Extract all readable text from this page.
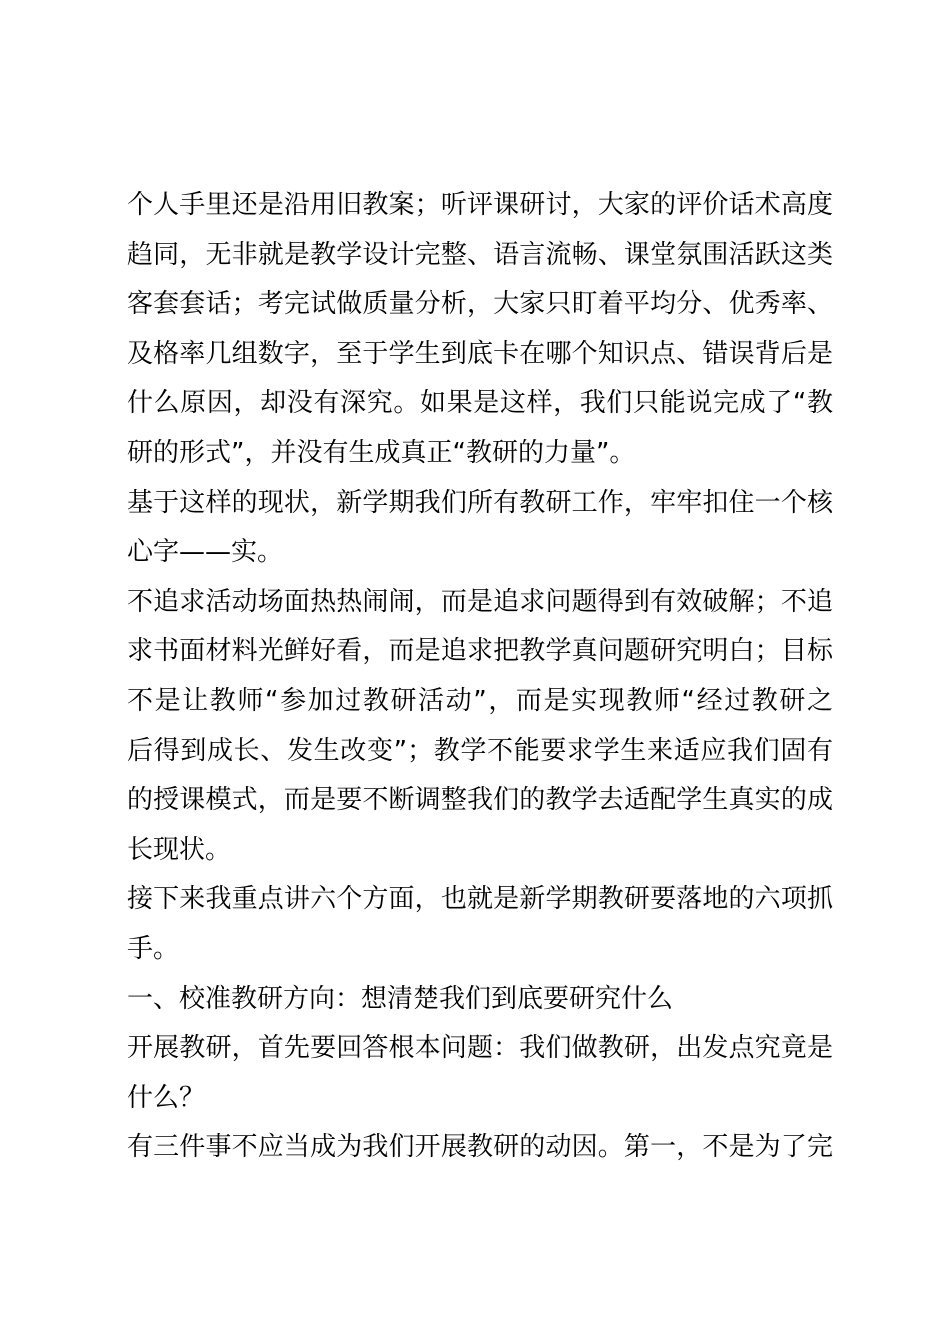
个人手里还是沿用旧教案；听评课研讨，大家的评价话术高度
趋同，无非就是教学设计完整、语言流畅、课堂氛围活跃这类
客套套话；考完试做质量分析，大家只盯着平均分、优秀率、
及格率几组数字，至于学生到底卡在哪个知识点、错误背后是
什么原因，却没有深究。如果是这样，我们只能说完成了“教
研的形式”，并没有生成真正“教研的力量”。
基于这样的现状，新学期我们所有教研工作，牢牢扣住一个核
心字——实。
不追求活动场面热热闹闹，而是追求问题得到有效破解；不追
求书面材料光鲜好看，而是追求把教学真问题研究明白；目标
不是让教师“参加过教研活动”，而是实现教师“经过教研之
后得到成长、发生改变”；教学不能要求学生来适应我们固有
的授课模式，而是要不断调整我们的教学去适配学生真实的成
长现状。
接下来我重点讲六个方面，也就是新学期教研要落地的六项抓
手。
一、校准教研方向：想清楚我们到底要研究什么
开展教研，首先要回答根本问题：我们做教研，出发点究竟是
什么？
有三件事不应当成为我们开展教研的动因。第一，不是为了完
